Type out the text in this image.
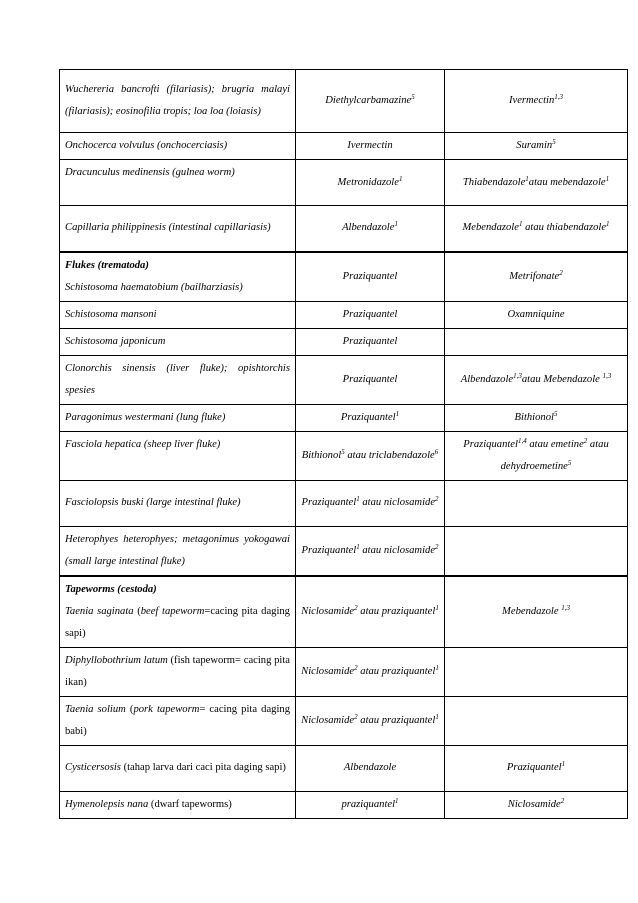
Wuchereria bancrofti (filariasis); brugria malayi (filariasis); eosinofilia tropis; loa loa (loiasis)	Diethylcarbamazine$^5$	Ivermectin$^{1,3}$
Onchocerca volvulus (onchocerciasis)	Ivermectin	Suramin$^5$
Dracunculus medinensis (gulnea worm)	Metronidazole$^1$	Thiabendazole$^1$atau mebendazole$^1$
Capillaria philippinesis (intestinal capillariasis)	Albendazole$^1$	Mebendazole$^1$ atau thiabendazole$^1$

Flukes (trematoda)
Schistosoma haematobium (bailharziasis)	Praziquantel	Metrifonate$^2$
Schistosoma mansoni	Praziquantel	Oxamniquine
Schistosoma japonicum	Praziquantel	
Clonorchis sinensis (liver fluke); opishtorchis spesies	Praziquantel	Albendazole$^{1,3}$atau Mebendazole $^{1,3}$
Paragonimus westermani (lung fluke)	Praziquantel$^1$	Bithionol$^5$
Fasciola hepatica (sheep liver fluke)	Bithionol$^5$ atau triclabendazole$^6$	Praziquantel$^{1,4}$ atau emetine$^2$ atau dehydroemetine$^5$
Fasciolopsis buski (large intestinal fluke)	Praziquantel$^1$ atau niclosamide$^2$	
Heterophyes heterophyes; metagonimus yokogawai (small large intestinal fluke)	Praziquantel$^1$ atau niclosamide$^2$	

Tapeworms (cestoda)
Taenia saginata (beef tapeworm=cacing pita daging sapi)	Niclosamide$^2$ atau praziquantel$^1$	Mebendazole $^{1,3}$
Diphyllobothrium latum (fish tapeworm= cacing pita ikan)	Niclosamide$^2$ atau praziquantel$^1$	
Taenia solium (pork tapeworm= cacing pita daging babi)	Niclosamide$^2$ atau praziquantel$^1$	
Cysticersosis (tahap larva dari caci pita daging sapi)	Albendazole	Praziquantel$^1$
Hymenolepsis nana (dwarf tapeworms)	praziquantel$^1$	Niclosamide$^2$
